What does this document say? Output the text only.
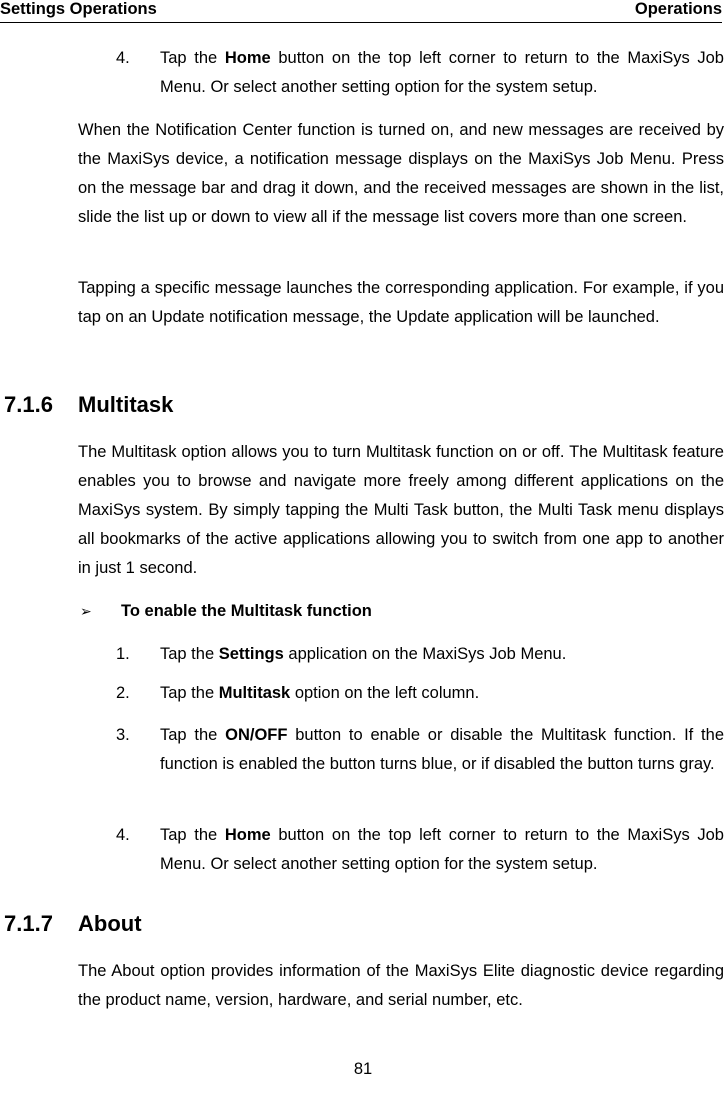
Settings Operations	Operations
4. Tap the Home button on the top left corner to return to the MaxiSys Job Menu. Or select another setting option for the system setup.

When the Notification Center function is turned on, and new messages are received by the MaxiSys device, a notification message displays on the MaxiSys Job Menu. Press on the message bar and drag it down, and the received messages are shown in the list, slide the list up or down to view all if the message list covers more than one screen.

Tapping a specific message launches the corresponding application. For example, if you tap on an Update notification message, the Update application will be launched.

7.1.6 Multitask

The Multitask option allows you to turn Multitask function on or off. The Multitask feature enables you to browse and navigate more freely among different applications on the MaxiSys system. By simply tapping the Multi Task button, the Multi Task menu displays all bookmarks of the active applications allowing you to switch from one app to another in just 1 second.

➢ To enable the Multitask function
1. Tap the Settings application on the MaxiSys Job Menu.
2. Tap the Multitask option on the left column.
3. Tap the ON/OFF button to enable or disable the Multitask function. If the function is enabled the button turns blue, or if disabled the button turns gray.
4. Tap the Home button on the top left corner to return to the MaxiSys Job Menu. Or select another setting option for the system setup.
7.1.7 About

The About option provides information of the MaxiSys Elite diagnostic device regarding the product name, version, hardware, and serial number, etc.

81
